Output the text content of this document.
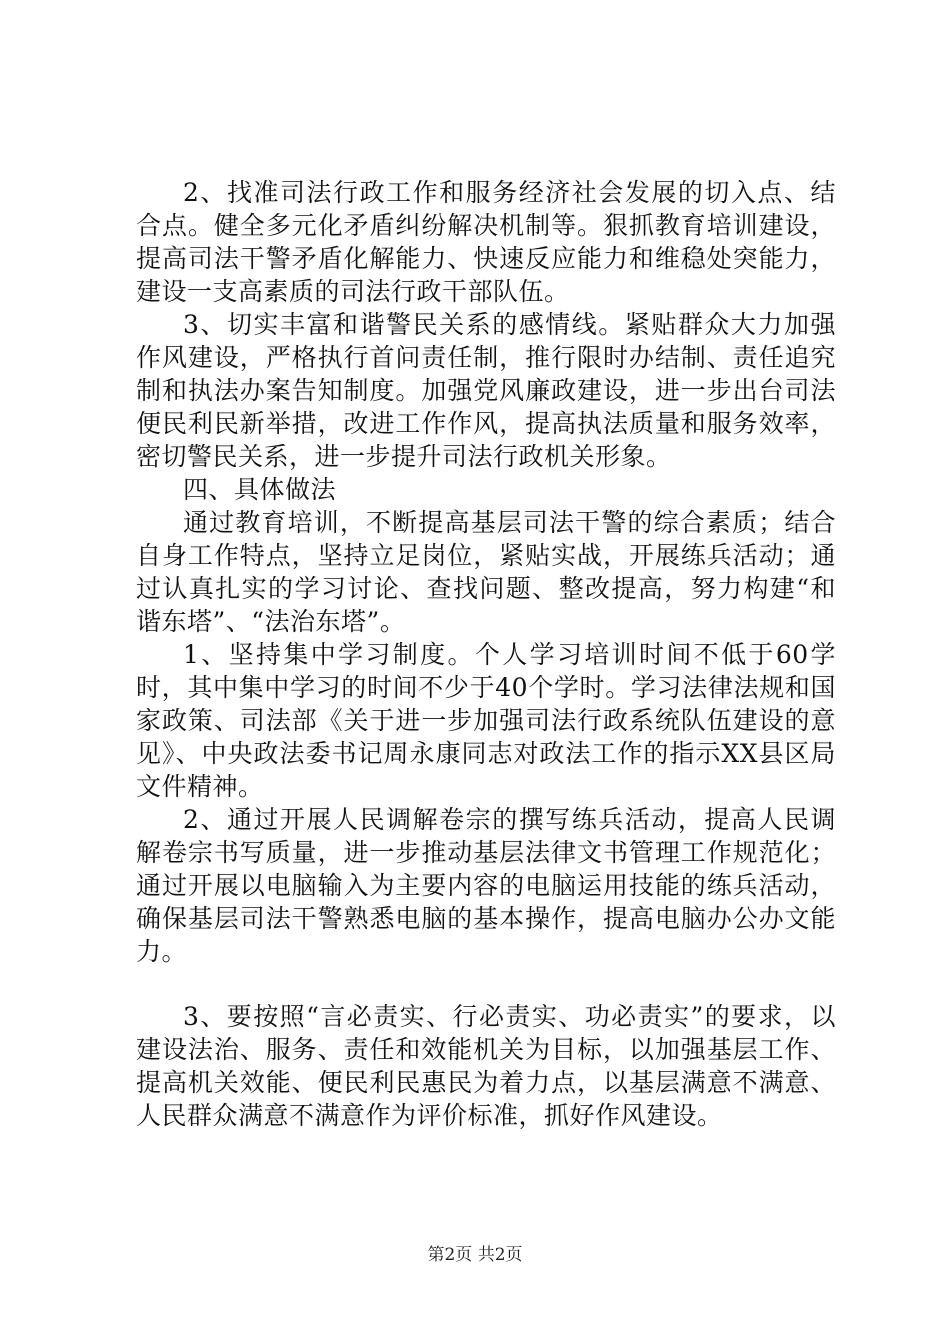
2、找准司法行政工作和服务经济社会发展的切入点、结合点。健全多元化矛盾纠纷解决机制等。狠抓教育培训建设，提高司法干警矛盾化解能力、快速反应能力和维稳处突能力，建设一支高素质的司法行政干部队伍。

3、切实丰富和谐警民关系的感情线。紧贴群众大力加强作风建设，严格执行首问责任制，推行限时办结制、责任追究制和执法办案告知制度。加强党风廉政建设，进一步出台司法便民利民新举措，改进工作作风，提高执法质量和服务效率，密切警民关系，进一步提升司法行政机关形象。

四、具体做法

通过教育培训，不断提高基层司法干警的综合素质；结合自身工作特点，坚持立足岗位，紧贴实战，开展练兵活动；通过认真扎实的学习讨论、查找问题、整改提高，努力构建“和谐东塔”、“法治东塔”。

1、坚持集中学习制度。个人学习培训时间不低于60学时，其中集中学习的时间不少于40个学时。学习法律法规和国家政策、司法部《关于进一步加强司法行政系统队伍建设的意见》、中央政法委书记周永康同志对政法工作的指示XX县区局文件精神。

2、通过开展人民调解卷宗的撰写练兵活动，提高人民调解卷宗书写质量，进一步推动基层法律文书管理工作规范化；通过开展以电脑输入为主要内容的电脑运用技能的练兵活动，确保基层司法干警熟悉电脑的基本操作，提高电脑办公办文能力。

3、要按照“言必责实、行必责实、功必责实”的要求，以建设法治、服务、责任和效能机关为目标，以加强基层工作、提高机关效能、便民利民惠民为着力点，以基层满意不满意、人民群众满意不满意作为评价标准，抓好作风建设。

第2页 共2页
